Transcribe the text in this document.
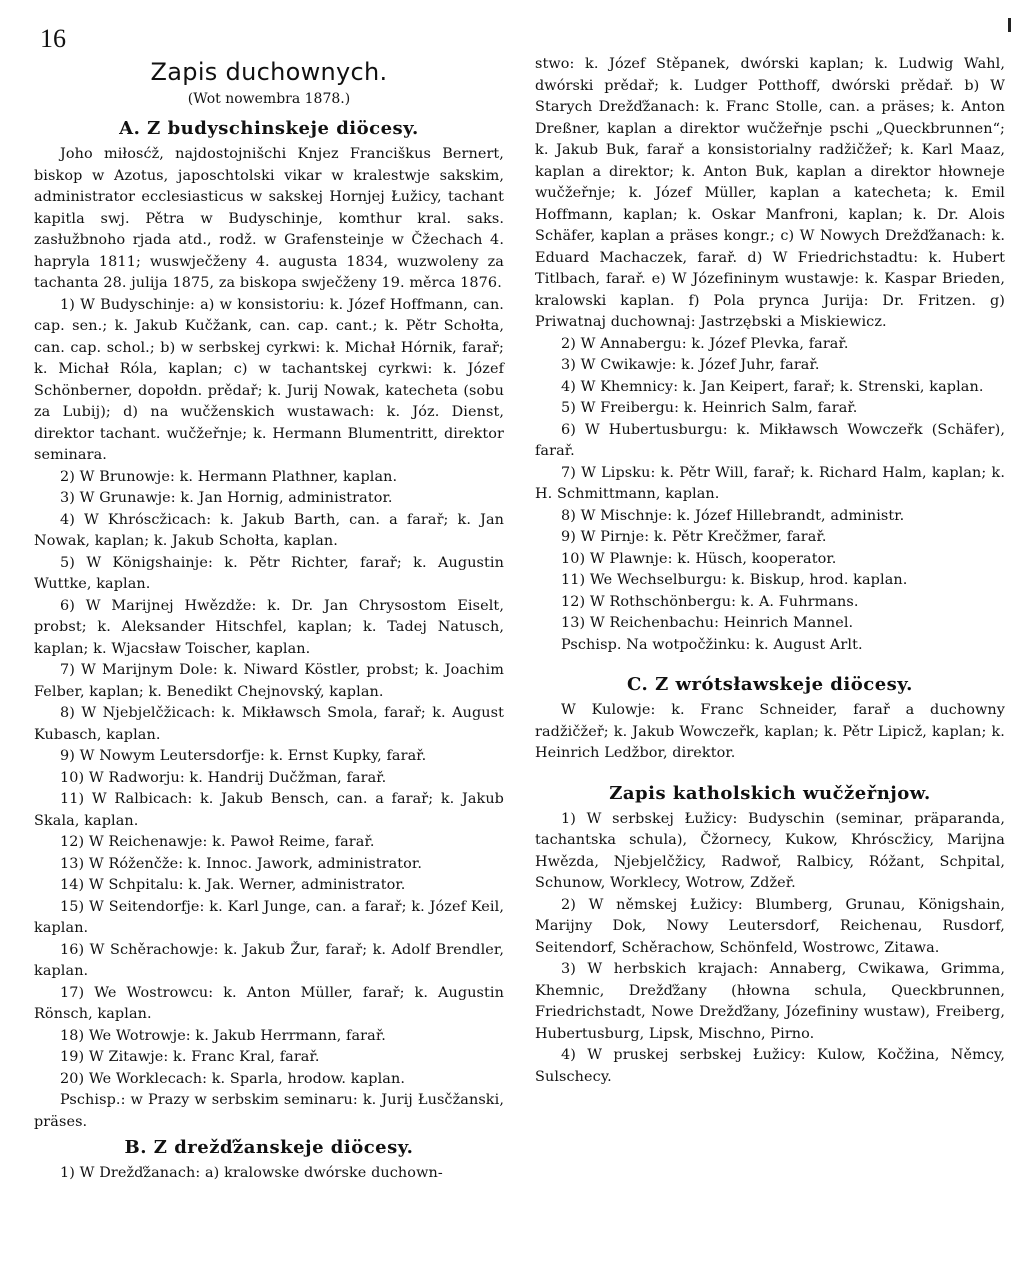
16
Zapis duchownych.
(Wot nowembra 1878.)
A. Z budyschinskeje diöcesy.

Joho miłosćž, najdostojnišchi Knjez Franciškus Bernert, biskop w Azotus, japoschtolski vikar w kralestwje sakskim, administrator ecclesiasticus w sakskej Hornjej Łužicy, tachant kapitla swj. Pětra w Budyschinje, komthur kral. saks. zasłužbnoho rjada atd., rodž. w Grafensteinje w Čžechach 4. hapryla 1811; wuswječženy 4. augusta 1834, wuzwoleny za tachanta 28. julija 1875, za biskopa swječženy 19. měrca 1876.

1) W Budyschinje: a) w konsistoriu: k. Józef Hoffmann, can. cap. sen.; k. Jakub Kučžank, can. cap. cant.; k. Pětr Schołta, can. cap. schol.; b) w serbskej cyrkwi: k. Michał Hórnik, farař; k. Michał Róla, kaplan; c) w tachantskej cyrkwi: k. Józef Schönberner, dopołdn. prědař; k. Jurij Nowak, katecheta (sobu za Lubij); d) na wučženskich wustawach: k. Józ. Dienst, direktor tachant. wučžeřnje; k. Hermann Blumentritt, direktor seminara.

2) W Brunowje: k. Hermann Plathner, kaplan.

3) W Grunawje: k. Jan Hornig, administrator.

4) W Khróscžicach: k. Jakub Barth, can. a farař; k. Jan Nowak, kaplan; k. Jakub Schołta, kaplan.

5) W Königshainje: k. Pětr Richter, farař; k. Augustin Wuttke, kaplan.

6) W Marijnej Hwězdže: k. Dr. Jan Chrysostom Eiselt, probst; k. Aleksander Hitschfel, kaplan; k. Tadej Natusch, kaplan; k. Wjacsław Toischer, kaplan.

7) W Marijnym Dole: k. Niward Köstler, probst; k. Joachim Felber, kaplan; k. Benedikt Chejnovský, kaplan.

8) W Njebjelčžicach: k. Mikławsch Smola, farař; k. August Kubasch, kaplan.

9) W Nowym Leutersdorfje: k. Ernst Kupky, farař.

10) W Radworju: k. Handrij Dučžman, farař.

11) W Ralbicach: k. Jakub Bensch, can. a farař; k. Jakub Skala, kaplan.

12) W Reichenawje: k. Pawoł Reime, farař.

13) W Róženčže: k. Innoc. Jawork, administrator.

14) W Schpitalu: k. Jak. Werner, administrator.

15) W Seitendorfje: k. Karl Junge, can. a farař; k. Józef Keil, kaplan.

16) W Schěrachowje: k. Jakub Žur, farař; k. Adolf Brendler, kaplan.

17) We Wostrowcu: k. Anton Müller, farař; k. Augustin Rönsch, kaplan.

18) We Wotrowje: k. Jakub Herrmann, farař.

19) W Zitawje: k. Franc Kral, farař.

20) We Worklecach: k. Sparla, hrodow. kaplan.

Pschisp.: w Prazy w serbskim seminaru: k. Jurij Łusčžanski, präses.

B. Z drežďžanskeje diöcesy.

1) W Drežďžanach: a) kralowske dwórske duchown-

stwo: k. Józef Stěpanek, dwórski kaplan; k. Ludwig Wahl, dwórski prědař; k. Ludger Potthoff, dwórski prědař. b) W Starych Drežďžanach: k. Franc Stolle, can. a präses; k. Anton Dreßner, kaplan a direktor wučžeřnje pschi „Queckbrunnen“; k. Jakub Buk, farař a konsistorialny radžičžeř; k. Karl Maaz, kaplan a direktor; k. Anton Buk, kaplan a direktor hłowneje wučžeřnje; k. Józef Müller, kaplan a katecheta; k. Emil Hoffmann, kaplan; k. Oskar Manfroni, kaplan; k. Dr. Alois Schäfer, kaplan a präses kongr.; c) W Nowych Drežďžanach: k. Eduard Machaczek, farař. d) W Friedrichstadtu: k. Hubert Titlbach, farař. e) W Józefininym wustawje: k. Kaspar Brieden, kralowski kaplan. f) Pola prynca Jurija: Dr. Fritzen. g) Priwatnaj duchownaj: Jastrzębski a Miskiewicz.

2) W Annabergu: k. Józef Plevka, farař.

3) W Cwikawje: k. Józef Juhr, farař.

4) W Khemnicy: k. Jan Keipert, farař; k. Strenski, kaplan.

5) W Freibergu: k. Heinrich Salm, farař.

6) W Hubertusburgu: k. Mikławsch Wowczeřk (Schäfer), farař.

7) W Lipsku: k. Pětr Will, farař; k. Richard Halm, kaplan; k. H. Schmittmann, kaplan.

8) W Mischnje: k. Józef Hillebrandt, administr.

9) W Pirnje: k. Pětr Krečžmer, farař.

10) W Plawnje: k. Hüsch, kooperator.

11) We Wechselburgu: k. Biskup, hrod. kaplan.

12) W Rothschönbergu: k. A. Fuhrmans.

13) W Reichenbachu: Heinrich Mannel.

Pschisp. Na wotpočžinku: k. August Arlt.

C. Z wrótsławskeje diöcesy.

W Kulowje: k. Franc Schneider, farař a duchowny radžičžeř; k. Jakub Wowczeřk, kaplan; k. Pětr Lipicž, kaplan; k. Heinrich Ledžbor, direktor.

Zapis katholskich wučžeřnjow.

1) W serbskej Łužicy: Budyschin (seminar, präparanda, tachantska schula), Čžornecy, Kukow, Khróscžicy, Marijna Hwězda, Njebjelčžicy, Radwoř, Ralbicy, Róžant, Schpital, Schunow, Worklecy, Wotrow, Zdžeř.

2) W němskej Łužicy: Blumberg, Grunau, Königshain, Marijny Dok, Nowy Leutersdorf, Reichenau, Rusdorf, Seitendorf, Schěrachow, Schönfeld, Wostrowc, Zitawa.

3) W herbskich krajach: Annaberg, Cwikawa, Grimma, Khemnic, Drežďžany (hłowna schula, Queckbrunnen, Friedrichstadt, Nowe Drežďžany, Józefininy wustaw), Freiberg, Hubertusburg, Lipsk, Mischno, Pirno.

4) W pruskej serbskej Łužicy: Kulow, Kočžina, Němcy, Sulschecy.
